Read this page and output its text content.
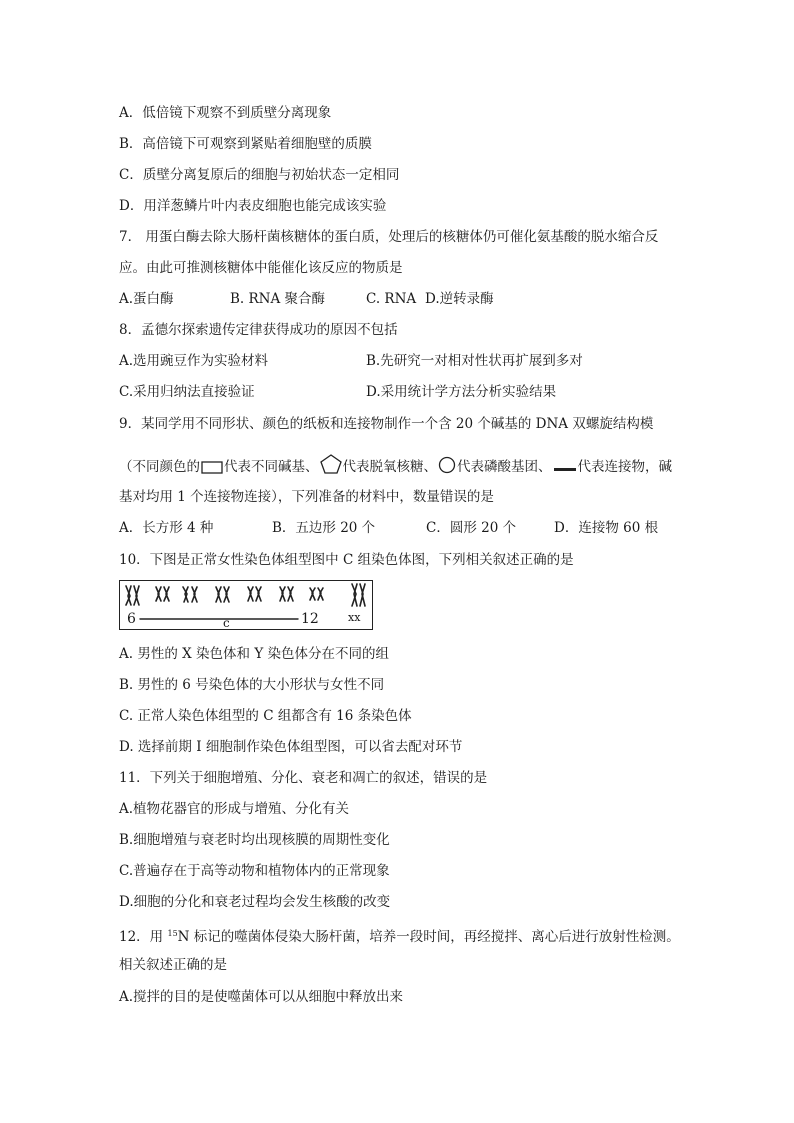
A．低倍镜下观察不到质壁分离现象
B．高倍镜下可观察到紧贴着细胞壁的质膜
C．质壁分离复原后的细胞与初始状态一定相同
D．用洋葱鳞片叶内表皮细胞也能完成该实验
7． 用蛋白酶去除大肠杆菌核糖体的蛋白质，处理后的核糖体仍可催化氨基酸的脱水缩合反
应。由此可推测核糖体中能催化该反应的物质是
A.蛋白酶	B. RNA 聚合酶	C. RNA D.逆转录酶
8．孟德尔探索遗传定律获得成功的原因不包括
A.选用豌豆作为实验材料	B.先研究一对相对性状再扩展到多对
C.采用归纳法直接验证	D.采用统计学方法分析实验结果
9．某同学用不同形状、颜色的纸板和连接物制作一个含 20 个碱基的 DNA 双螺旋结构模
（不同颜色的 代表不同碱基、 代表脱氧核糖、 代表磷酸基团、 代表连接物，碱
基对均用 1 个连接物连接），下列准备的材料中，数量错误的是
A．长方形 4 种	B．五边形 20 个	C．圆形 20 个	D．连接物 60 根
10．下图是正常女性染色体组型图中 C 组染色体图，下列相关叙述正确的是
6	c	12	xx
A. 男性的 X 染色体和 Y 染色体分在不同的组
B. 男性的 6 号染色体的大小形状与女性不同
C. 正常人染色体组型的 C 组都含有 16 条染色体
D. 选择前期 I 细胞制作染色体组型图，可以省去配对环节
11．下列关于细胞增殖、分化、衰老和凋亡的叙述，错误的是
A.植物花器官的形成与增殖、分化有关
B.细胞增殖与衰老时均出现核膜的周期性变化
C.普遍存在于高等动物和植物体内的正常现象
D.细胞的分化和衰老过程均会发生核酸的改变
12．用 $^{15}$N 标记的噬菌体侵染大肠杆菌，培养一段时间，再经搅拌、离心后进行放射性检测。
相关叙述正确的是
A.搅拌的目的是使噬菌体可以从细胞中释放出来
